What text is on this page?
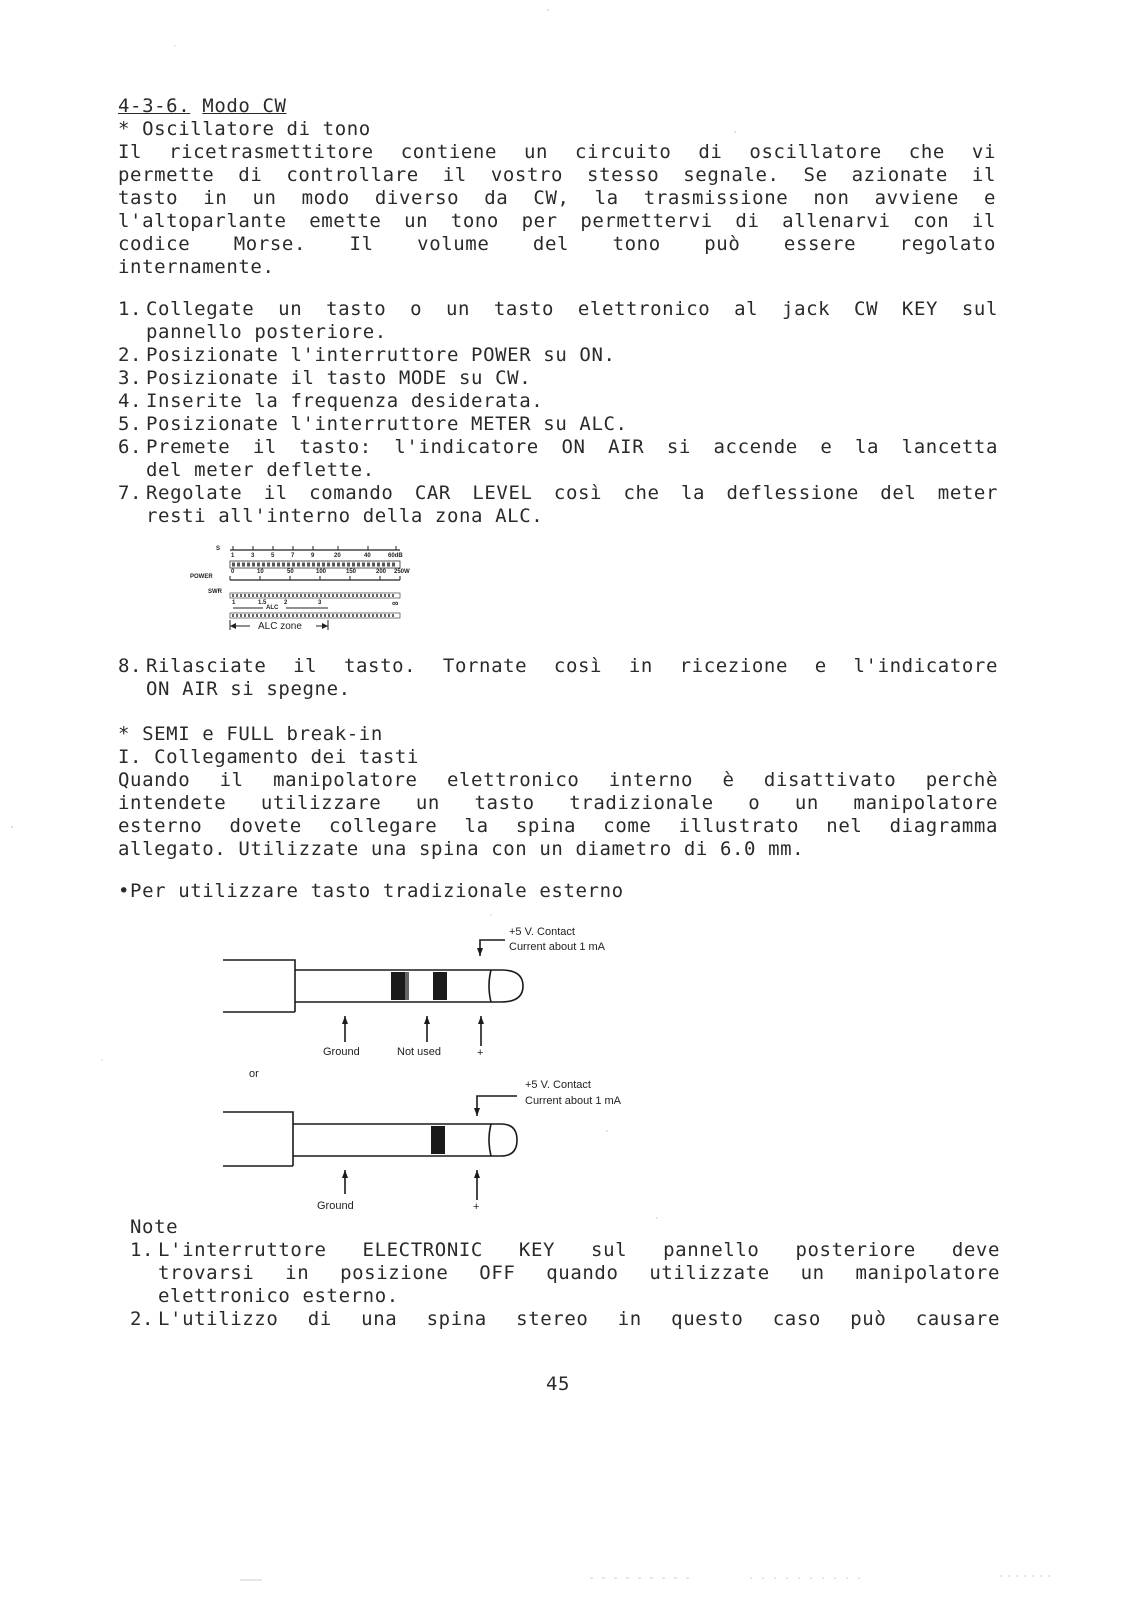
4-3-6. Modo CW
* Oscillatore di tono
Il ricetrasmettitore contiene un circuito di oscillatore che vi
permette di controllare il vostro stesso segnale. Se azionate il
tasto in un modo diverso da CW, la trasmissione non avviene e
l'altoparlante emette un tono per permettervi di allenarvi con il
codice Morse. Il volume del tono può essere regolato
internamente.
1. Collegate un tasto o un tasto elettronico al jack CW KEY sul
pannello posteriore.
2. Posizionate l'interruttore POWER su ON.
3. Posizionate il tasto MODE su CW.
4. Inserite la frequenza desiderata.
5. Posizionate l'interruttore METER su ALC.
6. Premete il tasto: l'indicatore ON AIR si accende e la lancetta
del meter deflette.
7. Regolate il comando CAR LEVEL così che la deflessione del meter
resti all'interno della zona ALC.
S
1	3	5	7	9	20	40	60dB
0	10	50	100	150	200 250W
POWER
SWR
1	1.5	2	3	∞
ALC
ALC zone
8. Rilasciate il tasto. Tornate così in ricezione e l'indicatore
ON AIR si spegne.
* SEMI e FULL break-in
I. Collegamento dei tasti
Quando il manipolatore elettronico interno è disattivato perchè
intendete utilizzare un tasto tradizionale o un manipolatore
esterno dovete collegare la spina come illustrato nel diagramma
allegato. Utilizzate una spina con un diametro di 6.0 mm.
•Per utilizzare tasto tradizionale esterno
+5 V. Contact
Current about 1 mA
Ground	Not used	+
or
+5 V. Contact
Current about 1 mA
Ground	+
Note
1. L'interruttore ELECTRONIC KEY sul pannello posteriore deve
trovarsi in posizione OFF quando utilizzate un manipolatore
elettronico esterno.
2. L'utilizzo di una spina stereo in questo caso può causare
45
